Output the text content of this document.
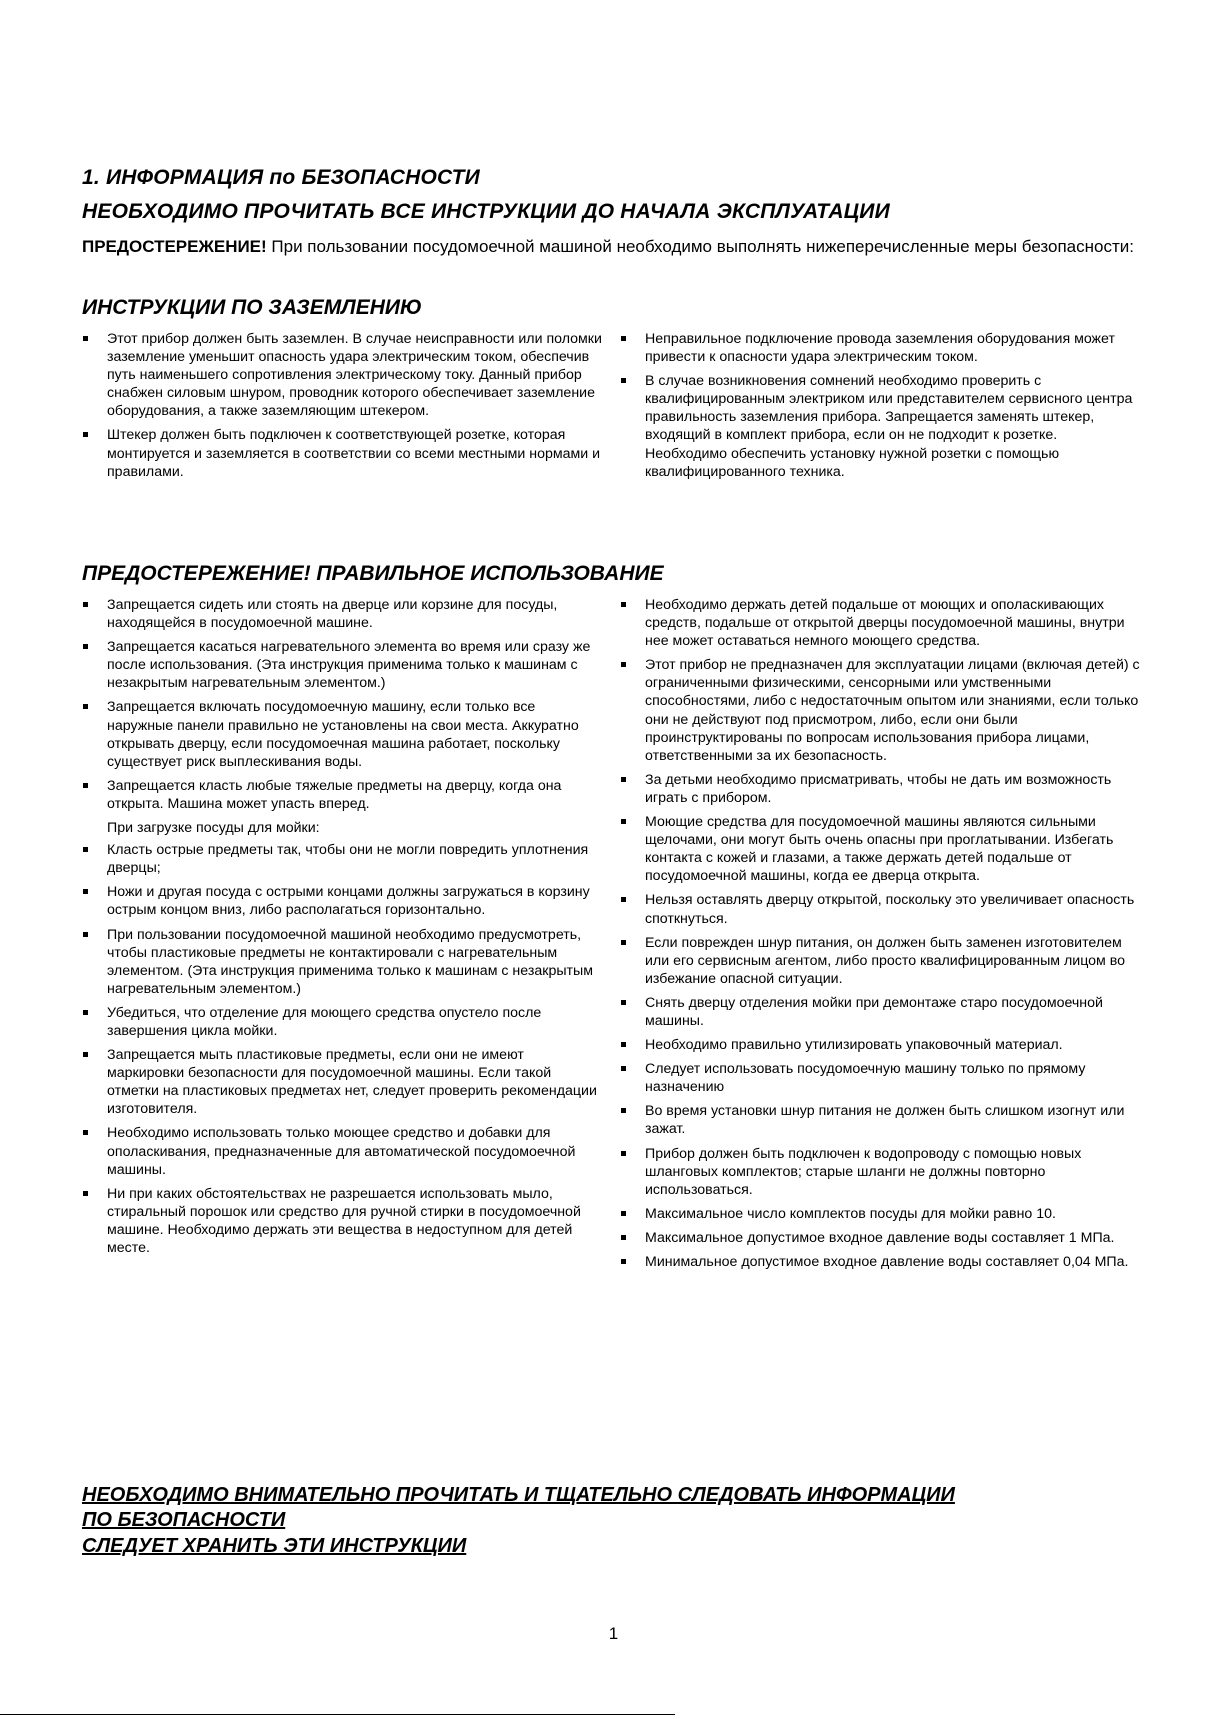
1. ИНФОРМАЦИЯ по БЕЗОПАСНОСТИ
НЕОБХОДИМО ПРОЧИТАТЬ ВСЕ ИНСТРУКЦИИ ДО НАЧАЛА ЭКСПЛУАТАЦИИ

ПРЕДОСТЕРЕЖЕНИЕ! При пользовании посудомоечной машиной необходимо выполнять нижеперечисленные меры безопасности:

ИНСТРУКЦИИ ПО ЗАЗЕМЛЕНИЮ
Этот прибор должен быть заземлен. В случае неисправности или поломки заземление уменьшит опасность удара электрическим током, обеспечив путь наименьшего сопротивления электрическому току. Данный прибор снабжен силовым шнуром, проводник которого обеспечивает заземление оборудования, а также заземляющим штекером.
Штекер должен быть подключен к соответствующей розетке, которая монтируется и заземляется в соответствии со всеми местными нормами и правилами.
Неправильное подключение провода заземления оборудования может привести к опасности удара электрическим током.
В случае возникновения сомнений необходимо проверить с квалифицированным электриком или представителем сервисного центра правильность заземления прибора. Запрещается заменять штекер, входящий в комплект прибора, если он не подходит к розетке. Необходимо обеспечить установку нужной розетки с помощью квалифицированного техника.
ПРЕДОСТЕРЕЖЕНИЕ! ПРАВИЛЬНОЕ ИСПОЛЬЗОВАНИЕ
Запрещается сидеть или стоять на дверце или корзине для посуды, находящейся в посудомоечной машине.
Запрещается касаться нагревательного элемента во время или сразу же после использования. (Эта инструкция применима только к машинам с незакрытым нагревательным элементом.)
Запрещается включать посудомоечную машину, если только все наружные панели правильно не установлены на свои места. Аккуратно открывать дверцу, если посудомоечная машина работает, поскольку существует риск выплескивания воды.
Запрещается класть любые тяжелые предметы на дверцу, когда она открыта. Машина может упасть вперед.
При загрузке посуды для мойки:
Класть острые предметы так, чтобы они не могли повредить уплотнения дверцы;
Ножи и другая посуда с острыми концами должны загружаться в корзину острым концом вниз, либо располагаться горизонтально.
При пользовании посудомоечной машиной необходимо предусмотреть, чтобы пластиковые предметы не контактировали с нагревательным элементом. (Эта инструкция применима только к машинам с незакрытым нагревательным элементом.)
Убедиться, что отделение для моющего средства опустело после завершения цикла мойки.
Запрещается мыть пластиковые предметы, если они не имеют маркировки безопасности для посудомоечной машины. Если такой отметки на пластиковых предметах нет, следует проверить рекомендации изготовителя.
Необходимо использовать только моющее средство и добавки для ополаскивания, предназначенные для автоматической посудомоечной машины.
Ни при каких обстоятельствах не разрешается использовать мыло, стиральный порошок или средство для ручной стирки в посудомоечной машине. Необходимо держать эти вещества в недоступном для детей месте.
Необходимо держать детей подальше от моющих и ополаскивающих средств, подальше от открытой дверцы посудомоечной машины, внутри нее может оставаться немного моющего средства.
Этот прибор не предназначен для эксплуатации лицами (включая детей) с ограниченными физическими, сенсорными или умственными способностями, либо с недостаточным опытом или знаниями, если только они не действуют под присмотром, либо, если они были проинструктированы по вопросам использования прибора лицами, ответственными за их безопасность.
За детьми необходимо присматривать, чтобы не дать им возможность играть с прибором.
Моющие средства для посудомоечной машины являются сильными щелочами, они могут быть очень опасны при проглатывании. Избегать контакта с кожей и глазами, а также держать детей подальше от посудомоечной машины, когда ее дверца открыта.
Нельзя оставлять дверцу открытой, поскольку это увеличивает опасность споткнуться.
Если поврежден шнур питания, он должен быть заменен изготовителем или его сервисным агентом, либо просто квалифицированным лицом во избежание опасной ситуации.
Снять дверцу отделения мойки при демонтаже старо посудомоечной машины.
Необходимо правильно утилизировать упаковочный материал.
Следует использовать посудомоечную машину только по прямому назначению
Во время установки шнур питания не должен быть слишком изогнут или зажат.
Прибор должен быть подключен к водопроводу с помощью новых шланговых комплектов; старые шланги не должны повторно использоваться.
Максимальное число комплектов посуды для мойки равно 10.
Максимальное допустимое входное давление воды составляет 1 МПа.
Минимальное допустимое входное давление воды составляет 0,04 МПа.

НЕОБХОДИМО ВНИМАТЕЛЬНО ПРОЧИТАТЬ И ТЩАТЕЛЬНО СЛЕДОВАТЬ ИНФОРМАЦИИ

ПО БЕЗОПАСНОСТИ

СЛЕДУЕТ ХРАНИТЬ ЭТИ ИНСТРУКЦИИ

1
